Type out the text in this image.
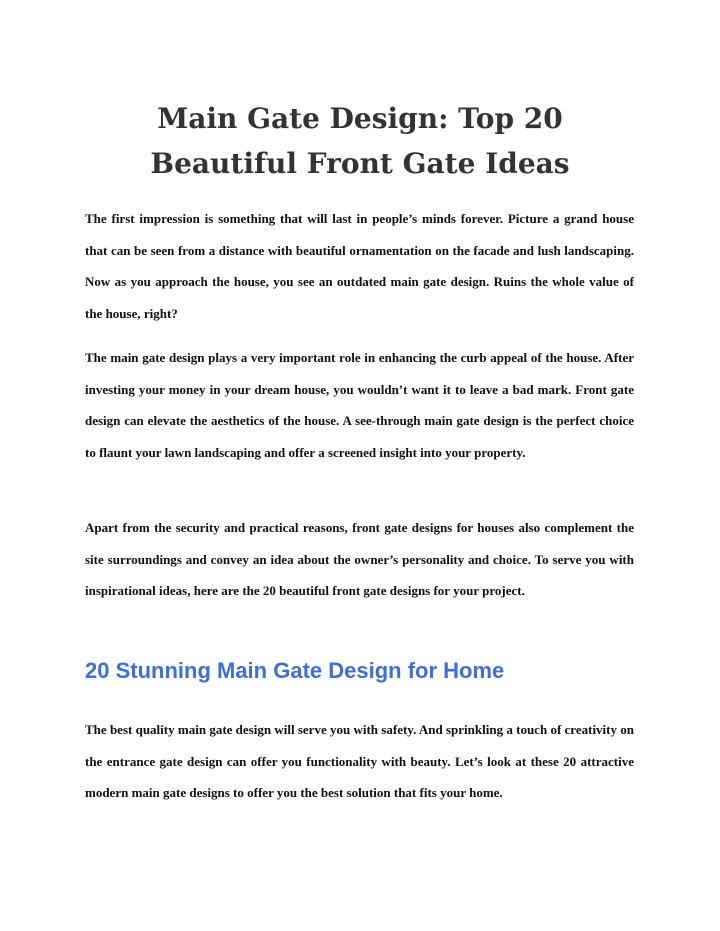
Main Gate Design: Top 20
Beautiful Front Gate Ideas

The first impression is something that will last in people’s minds forever. Picture a grand house that can be seen from a distance with beautiful ornamentation on the facade and lush landscaping. Now as you approach the house, you see an outdated main gate design. Ruins the whole value of the house, right?

The main gate design plays a very important role in enhancing the curb appeal of the house. After investing your money in your dream house, you wouldn’t want it to leave a bad mark. Front gate design can elevate the aesthetics of the house. A see-through main gate design is the perfect choice to flaunt your lawn landscaping and offer a screened insight into your property.

Apart from the security and practical reasons, front gate designs for houses also complement the site surroundings and convey an idea about the owner’s personality and choice. To serve you with inspirational ideas, here are the 20 beautiful front gate designs for your project.

20 Stunning Main Gate Design for Home

The best quality main gate design will serve you with safety. And sprinkling a touch of creativity on the entrance gate design can offer you functionality with beauty. Let’s look at these 20 attractive modern main gate designs to offer you the best solution that fits your home.
